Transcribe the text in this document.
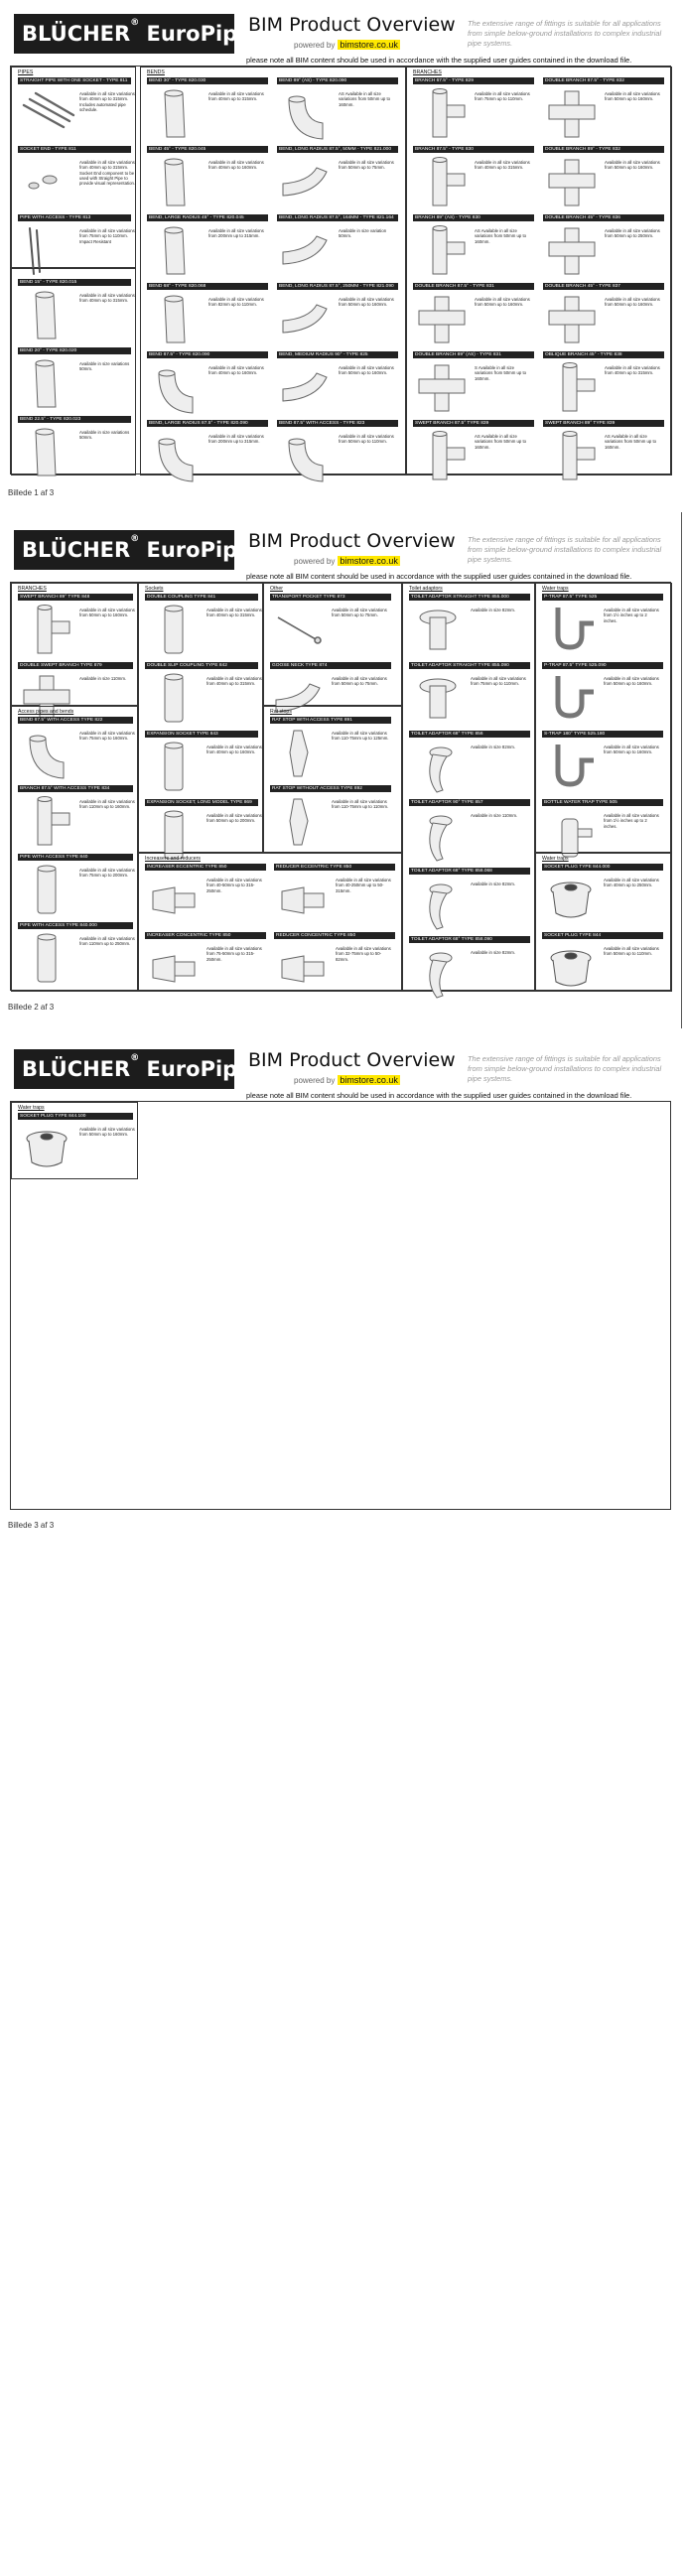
BLÜCHER® EuroPipe
BIM Product Overview
powered by bimstore.co.uk
The extensive range of fittings is suitable for all applications from simple below-ground installations to complex industrial pipe systems.
please note all BIM content should be used in accordance with the supplied user guides contained in the download file.
PIPES
STRAIGHT PIPE WITH ONE SOCKET - TYPE 811
Available in all size variations from 40mm up to 315mm. Includes automated pipe schedule.
SOCKET END - TYPE 811
Available in all size variations from 40mm up to 315mm. Socket End component to be used with Straight Pipe to provide visual representation.
PIPE WITH ACCESS - TYPE 813
Available in all size variations from 75mm up to 110mm. Impact Resistant
BEND 15° - TYPE 820.015
Available in all size variations from 40mm up to 315mm.
BEND 20° - TYPE 820.020
Available in size variations 50mm.
BEND 22.5° - TYPE 820.023
Available in size variations 50mm.
BENDS
BEND 30° - TYPE 820.030
Available in all size variations from 40mm up to 315mm.
BEND 89° (AS) - TYPE 820.090
AS Available in all size variations from 50mm up to 160mm.
BEND 45° - TYPE 820.045
Available in all size variations from 40mm up to 160mm.
BEND, LONG RADIUS 87.5°, 50MM - TYPE 821.000
Available in all size variations from 50mm up to 75mm.
BEND, LARGE RADIUS 45° - TYPE 820.045
Available in all size variations from 200mm up to 315mm.
BEND, LONG RADIUS 87.5°, 164MM - TYPE 821.164
Available in size variation 50mm.
BEND 68° - TYPE 820.068
Available in all size variations from 82mm up to 110mm.
BEND, LONG RADIUS 87.5°, 250MM - TYPE 821.090
Available in all size variations from 50mm up to 160mm.
BEND 87.5° - TYPE 820.090
Available in all size variations from 40mm up to 160mm.
BEND, MEDIUM RADIUS 90° - TYPE 825
Available in all size variations from 50mm up to 160mm.
BEND, LARGE RADIUS 87.5° - TYPE 820.090
Available in all size variations from 200mm up to 315mm.
BEND 87.5° WITH ACCESS - TYPE 823
Available in all size variations from 50mm up to 110mm.
BRANCHES
BRANCH 67.5° - TYPE 829
Available in all size variations from 75mm up to 110mm.
DOUBLE BRANCH 87.5° - TYPE 832
Available in all size variations from 50mm up to 160mm.
BRANCH 87.5° - TYPE 830
Available in all size variations from 40mm up to 315mm.
DOUBLE BRANCH 89° - TYPE 832
Available in all size variations from 50mm up to 160mm.
BRANCH 89° (AS) - TYPE 830
AS Available in all size variations from 50mm up to 160mm.
DOUBLE BRANCH 45° - TYPE 836
Available in all size variations from 50mm up to 250mm.
DOUBLE BRANCH 87.5° - TYPE 831
Available in all size variations from 50mm up to 160mm.
DOUBLE BRANCH 45° - TYPE 837
Available in all size variations from 50mm up to 160mm.
DOUBLE BRANCH 89° (AS) - TYPE 831
S Available in all size variations from 50mm up to 160mm.
OBLIQUE BRANCH 45° - TYPE 838
Available in all size variations from 40mm up to 315mm.
SWEPT BRANCH 87.5° TYPE 839
AS Available in all size variations from 50mm up to 160mm.
SWEPT BRANCH 89° TYPE 839
AS Available in all size variations from 50mm up to 160mm.
Billede 1 af 3
BLÜCHER® EuroPipe
BIM Product Overview
powered by bimstore.co.uk
The extensive range of fittings is suitable for all applications from simple below-ground installations to complex industrial pipe systems.
please note all BIM content should be used in accordance with the supplied user guides contained in the download file.
BRANCHES
SWEPT BRANCH 89° TYPE 848
Available in all size variations from 50mm up to 160mm.
DOUBLE SWEPT BRANCH TYPE 879
Available in size 110mm.
Access pipes and bends
BEND 87.5° WITH ACCESS TYPE 822
Available in all size variations from 75mm up to 160mm.
BRANCH 87.5° WITH ACCESS TYPE 834
Available in all size variations from 110mm up to 160mm.
PIPE WITH ACCESS TYPE 840
Available in all size variations from 75mm up to 200mm.
PIPE WITH ACCESS TYPE 840.000
Available in all size variations from 110mm up to 250mm.
Sockets
DOUBLE COUPLING TYPE 841
Available in all size variations from 40mm up to 315mm.
DOUBLE SLIP COUPLING TYPE 842
Available in all size variations from 40mm up to 315mm.
EXPANSION SOCKET TYPE 843
Available in all size variations from 40mm up to 160mm.
EXPANSION SOCKET, LONG MODEL TYPE 869
Available in all size variations from 50mm up to 200mm.
Other
TRANSPORT POCKET TYPE 873
Available in all size variations from 50mm up to 75mm.
GOOSE NECK TYPE 874
Available in all size variations from 50mm up to 75mm.
Rat stops
RAT STOP WITH ACCESS TYPE 891
Available in all size variations from 110-75mm up to 125mm.
RAT STOP WITHOUT ACCESS TYPE 892
Available in all size variations from 110-75mm up to 110mm.
Increasers and reducers
INCREASER ECCENTRIC TYPE 850
Available in all size variations from 40-50mm up to 315-250mm.
REDUCER ECCENTRIC TYPE 850
Available in all size variations from 40-250mm up to 50-315mm.
INCREASER CONCENTRIC TYPE 850
Available in all size variations from 75-50mm up to 315-250mm.
REDUCER CONCENTRIC TYPE 850
Available in all size variations from 32-75mm up to 50-82mm.
Toilet adaptors
TOILET ADAPTOR STRAIGHT TYPE 855.000
Available in size 82mm.
TOILET ADAPTOR STRAIGHT TYPE 855.090
Available in all size variations from 75mm up to 110mm.
TOILET ADAPTOR 68° TYPE 856
Available in size 82mm.
TOILET ADAPTOR 90° TYPE 857
Available in size 110mm.
TOILET ADAPTOR 68° TYPE 858.068
Available in size 82mm.
TOILET ADAPTOR 68° TYPE 858.090
Available in size 82mm.
Water traps
P-TRAP 87.5° TYPE 525
Available in all size variations from 1½ inches up to 2 inches.
P-TRAP 87.5° TYPE 525.090
Available in all size variations from 50mm up to 160mm.
S-TRAP 180° TYPE 525.180
Available in all size variations from 50mm up to 160mm.
BOTTLE WATER TRAP TYPE 505
Available in all size variations from 1½ inches up to 2 inches.
Water traps
SOCKET PLUG TYPE 844.000
Available in all size variations from 40mm up to 250mm.
SOCKET PLUG TYPE 844
Available in all size variations from 50mm up to 110mm.
Billede 2 af 3
BLÜCHER® EuroPipe
BIM Product Overview
powered by bimstore.co.uk
The extensive range of fittings is suitable for all applications from simple below-ground installations to complex industrial pipe systems.
please note all BIM content should be used in accordance with the supplied user guides contained in the download file.
Water traps
SOCKET PLUG TYPE 844.100
Available in all size variations from 50mm up to 160mm.
Billede 3 af 3
